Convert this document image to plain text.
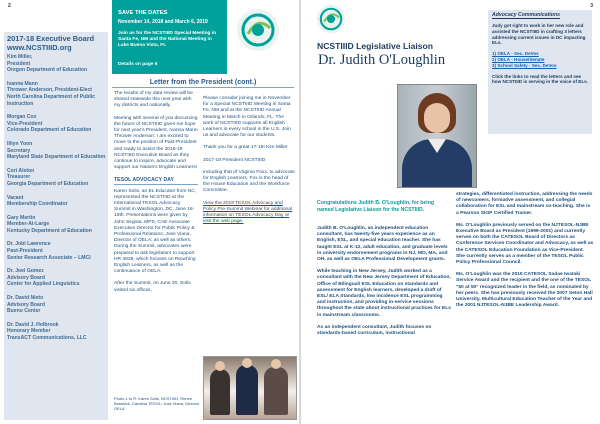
2
2017-18 Executive Board www.NCSTIIID.org
Kim Miller,
President
Oregon Department of Education
Ivanna Mann
Thrower Anderson, President-Elect
North Carolina Department of Public Instruction
Morgan Cox
Vice-President
Colorado Department of Education
Illiyn Yoon
Secretary
Maryland State Department of Education
Cori Alston
Treasurer
Georgia Department of Education
Vacant
Membership Coordinator
Gary Martin
Member-At-Large
Kentucky Department of Education
Dr. Jobi Lawrence
Past-President
Senior Research Associate – LMCI
Dr. Joel Gomez
Advisory Board
Center for Applied Linguistics
Dr. David Nieto
Advisory Board
Bueno Center
Dr. David J. Holbrook
Honorary Member
TransACT Communications, LLC
SAVE THE DATES
November 14, 2018 and March 6, 2019
Join us for the NCSTIIID Special Meeting in Santa Fe, NM and the National Meeting in Lake Buena Vista, FL
Details on page 5
Letter from the President (cont.)

The results of my data review will be shared statewide this next year with my districts and nationally.

Meeting with several of you discussing the future of NCSTIIID gives me hope for next year's President, Ivanna Mann Thrower Anderson. I am excited to move to the position of Past-President and ready to assist the 2018-19 NCSTIIID Executive Board as they continue to inspire, advocate and support our Nation's English Learners!

TESOL ADVOCACY DAY

Karen Solis, an EL Educator from NC, represented the NCSTIIID at the International TESOL Advocacy Summit in Washington, DC. June 18-19th. Presentations were given by John Segota, MPS, CAE Associate Executive Director for Public Policy & Professional Relations; Jose Viana, Director of OELA; as well as others. During the Summit, advocates were prepared to ask legislators to support HR 4838, which focuses on Reaching English Learners, as well as the continuance of OELA.

After the Summit, on June 20, Solis visited six offices,

Photo L to R: Karen Solis, NCSTIIID; Renee Bostwick, Carolina TESOL; Jose Viana, Director OELA

Please consider joining me in November for a Special NCSTIIID Meeting in Santa Fe, NM and at the NCSTIIID Annual Meeting in March in Orlando, FL. The work of NCSTIIID supports all English Learners in every school in the U.S. Join us and advocate for our students.

Thank you for a great 17-18! Kim Miller

2017-18 President NCSTIIID

including that of Virginia Foxx, to advocate for English Learners. Fox is the head of the House Education and the Workforce Committee.

View the 2018 TESOL Advocacy and Policy Pre-Summit Webinar for additional information on TESOL Advocacy Day or visit the web page.

3
NCSTIIID Legislative Liaison
Dr. Judith O'Loughlin
Advocacy Communications
Judy got right to work in her new role and assisted the NCSTIIID in crafting 3 letters addressing current issues in DC impacting ELs.
1) OELA - Sec. DeVos
2) OELA - House/Senate
3) School Safety - Sec. DeVos
Click the links to read the letters and see how NCSTIIID is serving in the voice of ELs.
Congratulations Judith B. O'Loughlin, for being named Legislative Liaison for the NCSTIIID.

Judith B. O'Loughlin, an independent education consultant, has twenty-five years experience as an English, ESL, and special education teacher. She has taught ESL at K-12, adult education, and graduate levels in university endorsement programs in NJ, MO, MA, and OH, as well as OELA Professional Development grants.

While teaching in New Jersey, Judith worked as a consultant with the New Jersey Department of Education, Office of Bilingual/ ESL Education on standards and assessment for English learners, developed a draft of ESL/ ELA Standards, low incidence ESL programming and instruction, and providing in-service sessions throughout the state about instructional practices for ELs in mainstream classrooms.

As an independent consultant, Judith focuses on standards-based curriculum, instructional

strategies, differentiated instruction, addressing the needs of newcomers, formative assessment, and collegial collaboration for ESL and mainstream co-teaching. She is a Pearson SIOP Certified Trainer.

Ms. O'Loughlin previously served on the NJTESOL-NJBE Executive Board as President (1999-2001) and currently serves on both the CATESOL Board of Directors as Conference Services Coordinator and Advocacy, as well as the CATESOL Education Foundation as Vice-President. She currently serves as a member of the TESOL Public Policy Professional Council.

Ms. O'Loughlin was the 2015 CATESOL Sadae Iwataki Service Award and the recipient and the one of the TESOL "50 at 50" recognized leader in the field, as nominated by her peers. She has previously received the 2007 Seton Hall University, Multicultural Education Teacher of the Year and the 2001 NJTESOL-NJBE Leadership Award.
